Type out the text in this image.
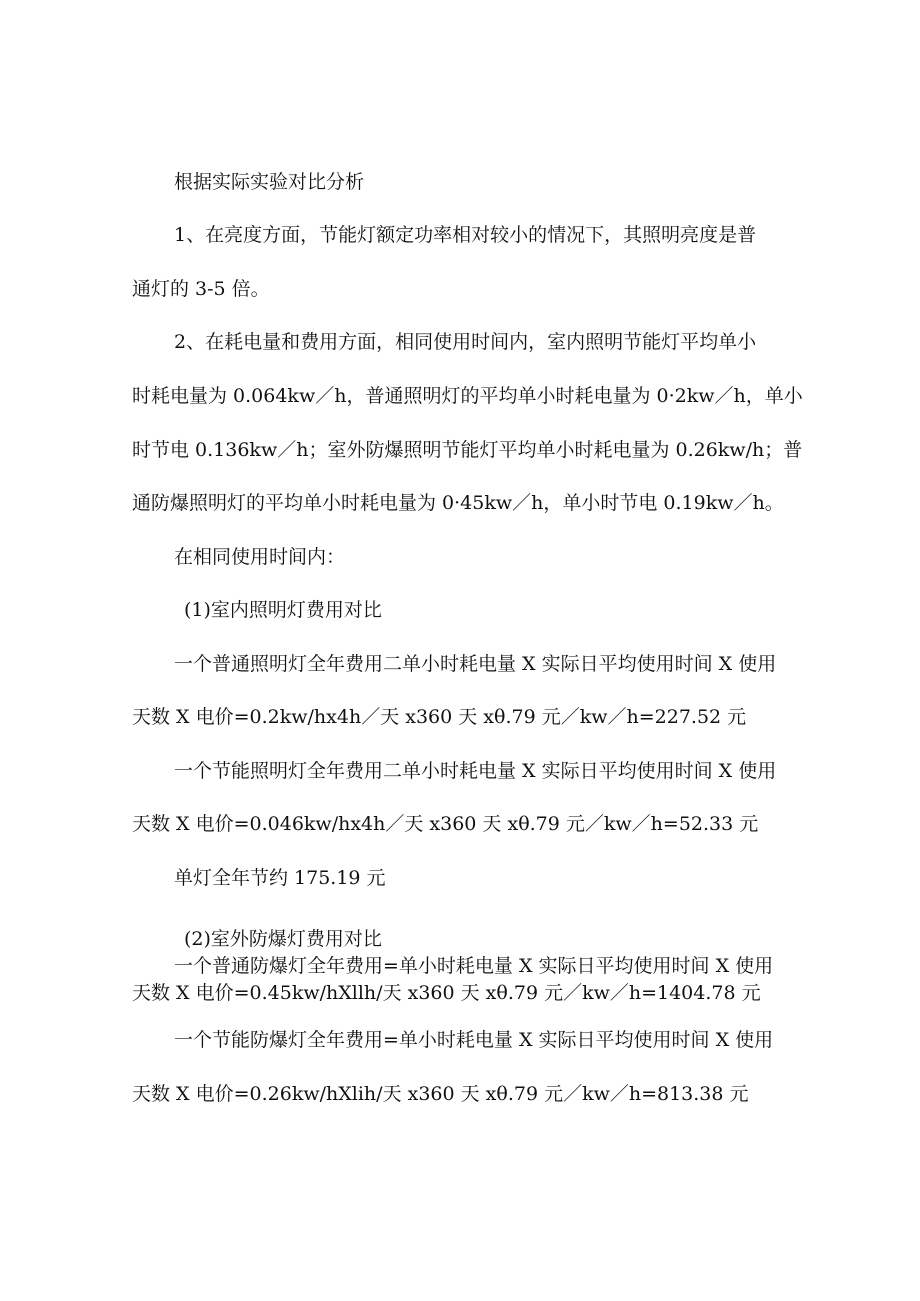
根据实际实验对比分析
1、在亮度方面，节能灯额定功率相对较小的情况下，其照明亮度是普
通灯的 3-5 倍。
2、在耗电量和费用方面，相同使用时间内，室内照明节能灯平均单小
时耗电量为 0.064kw／h，普通照明灯的平均单小时耗电量为 0·2kw／h，单小
时节电 0.136kw／h；室外防爆照明节能灯平均单小时耗电量为 0.26kw/h；普
通防爆照明灯的平均单小时耗电量为 0·45kw／h，单小时节电 0.19kw／h。
在相同使用时间内：
(1)室内照明灯费用对比
一个普通照明灯全年费用二单小时耗电量 X 实际日平均使用时间 X 使用
天数 X 电价=0.2kw/hx4h／天 x360 天 xθ.79 元／kw／h=227.52 元
一个节能照明灯全年费用二单小时耗电量 X 实际日平均使用时间 X 使用
天数 X 电价=0.046kw/hx4h／天 x360 天 xθ.79 元／kw／h=52.33 元
单灯全年节约 175.19 元
(2)室外防爆灯费用对比
一个普通防爆灯全年费用=单小时耗电量 X 实际日平均使用时间 X 使用
天数 X 电价=0.45kw/hXllh/天 x360 天 xθ.79 元／kw／h=1404.78 元
一个节能防爆灯全年费用=单小时耗电量 X 实际日平均使用时间 X 使用
天数 X 电价=0.26kw/hXlih/天 x360 天 xθ.79 元／kw／h=813.38 元
